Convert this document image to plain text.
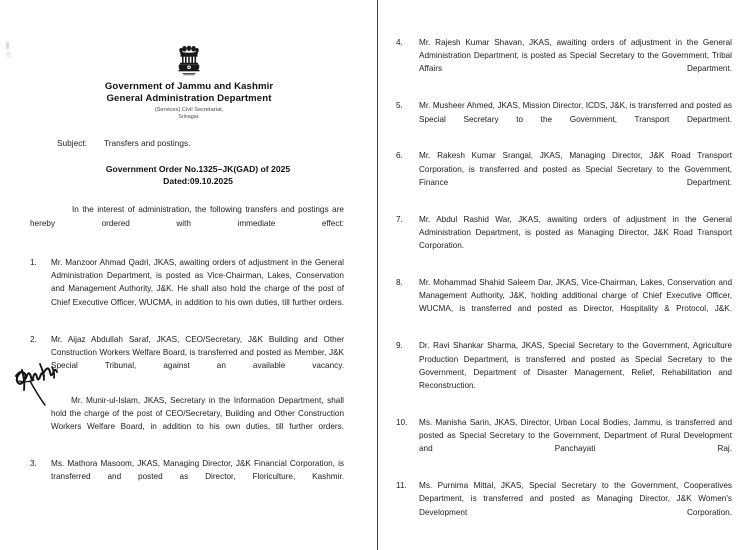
Government of Jammu and Kashmir
General Administration Department
(Services) Civil Secretariat,
Srinagar.
Subject:	Transfers and postings.
Government Order No.1325–JK(GAD) of 2025
Dated:09.10.2025
In the interest of administration, the following transfers and postings are hereby ordered with immediate effect:
1.	Mr. Manzoor Ahmad Qadri, JKAS, awaiting orders of adjustment in the General Administration Department, is posted as Vice-Chairman, Lakes, Conservation and Management Authority, J&K. He shall also hold the charge of the post of Chief Executive Officer, WUCMA, in addition to his own duties, till further orders.
2.	Mr. Aijaz Abdullah Saraf, JKAS, CEO/Secretary, J&K Building and Other Construction Workers Welfare Board, is transferred and posted as Member, J&K Special Tribunal, against an available vacancy.
Mr. Munir-ul-Islam, JKAS, Secretary in the Information Department, shall hold the charge of the post of CEO/Secretary, Building and Other Construction Workers Welfare Board, in addition to his own duties, till further orders.
3.	Ms. Mathora Masoom, JKAS, Managing Director, J&K Financial Corporation, is transferred and posted as Director, Floriculture, Kashmir.
4.	Mr. Rajesh Kumar Shavan, JKAS, awaiting orders of adjustment in the General Administration Department, is posted as Special Secretary to the Government, Tribal Affairs Department.
5.	Mr. Musheer Ahmed, JKAS, Mission Director, ICDS, J&K, is transferred and posted as Special Secretary to the Government, Transport Department.
6.	Mr. Rakesh Kumar Srangal, JKAS, Managing Director, J&K Road Transport Corporation, is transferred and posted as Special Secretary to the Government, Finance Department.
7.	Mr. Abdul Rashid War, JKAS, awaiting orders of adjustment in the General Administration Department, is posted as Managing Director, J&K Road Transport Corporation.
8.	Mr. Mohammad Shahid Saleem Dar, JKAS, Vice-Chairman, Lakes, Conservation and Management Authority, J&K, holding additional charge of Chief Executive Officer, WUCMA, is transferred and posted as Director, Hospitality & Protocol, J&K.
9.	Dr. Ravi Shankar Sharma, JKAS, Special Secretary to the Government, Agriculture Production Department, is transferred and posted as Special Secretary to the Government, Department of Disaster Management, Relief, Rehabilitation and Reconstruction.
10.	Ms. Manisha Sarin, JKAS, Director, Urban Local Bodies, Jammu, is transferred and posted as Special Secretary to the Government, Department of Rural Development and Panchayati Raj.
11.	Ms. Purnima Mittal, JKAS, Special Secretary to the Government, Cooperatives Department, is transferred and posted as Managing Director, J&K Women's Development Corporation.
